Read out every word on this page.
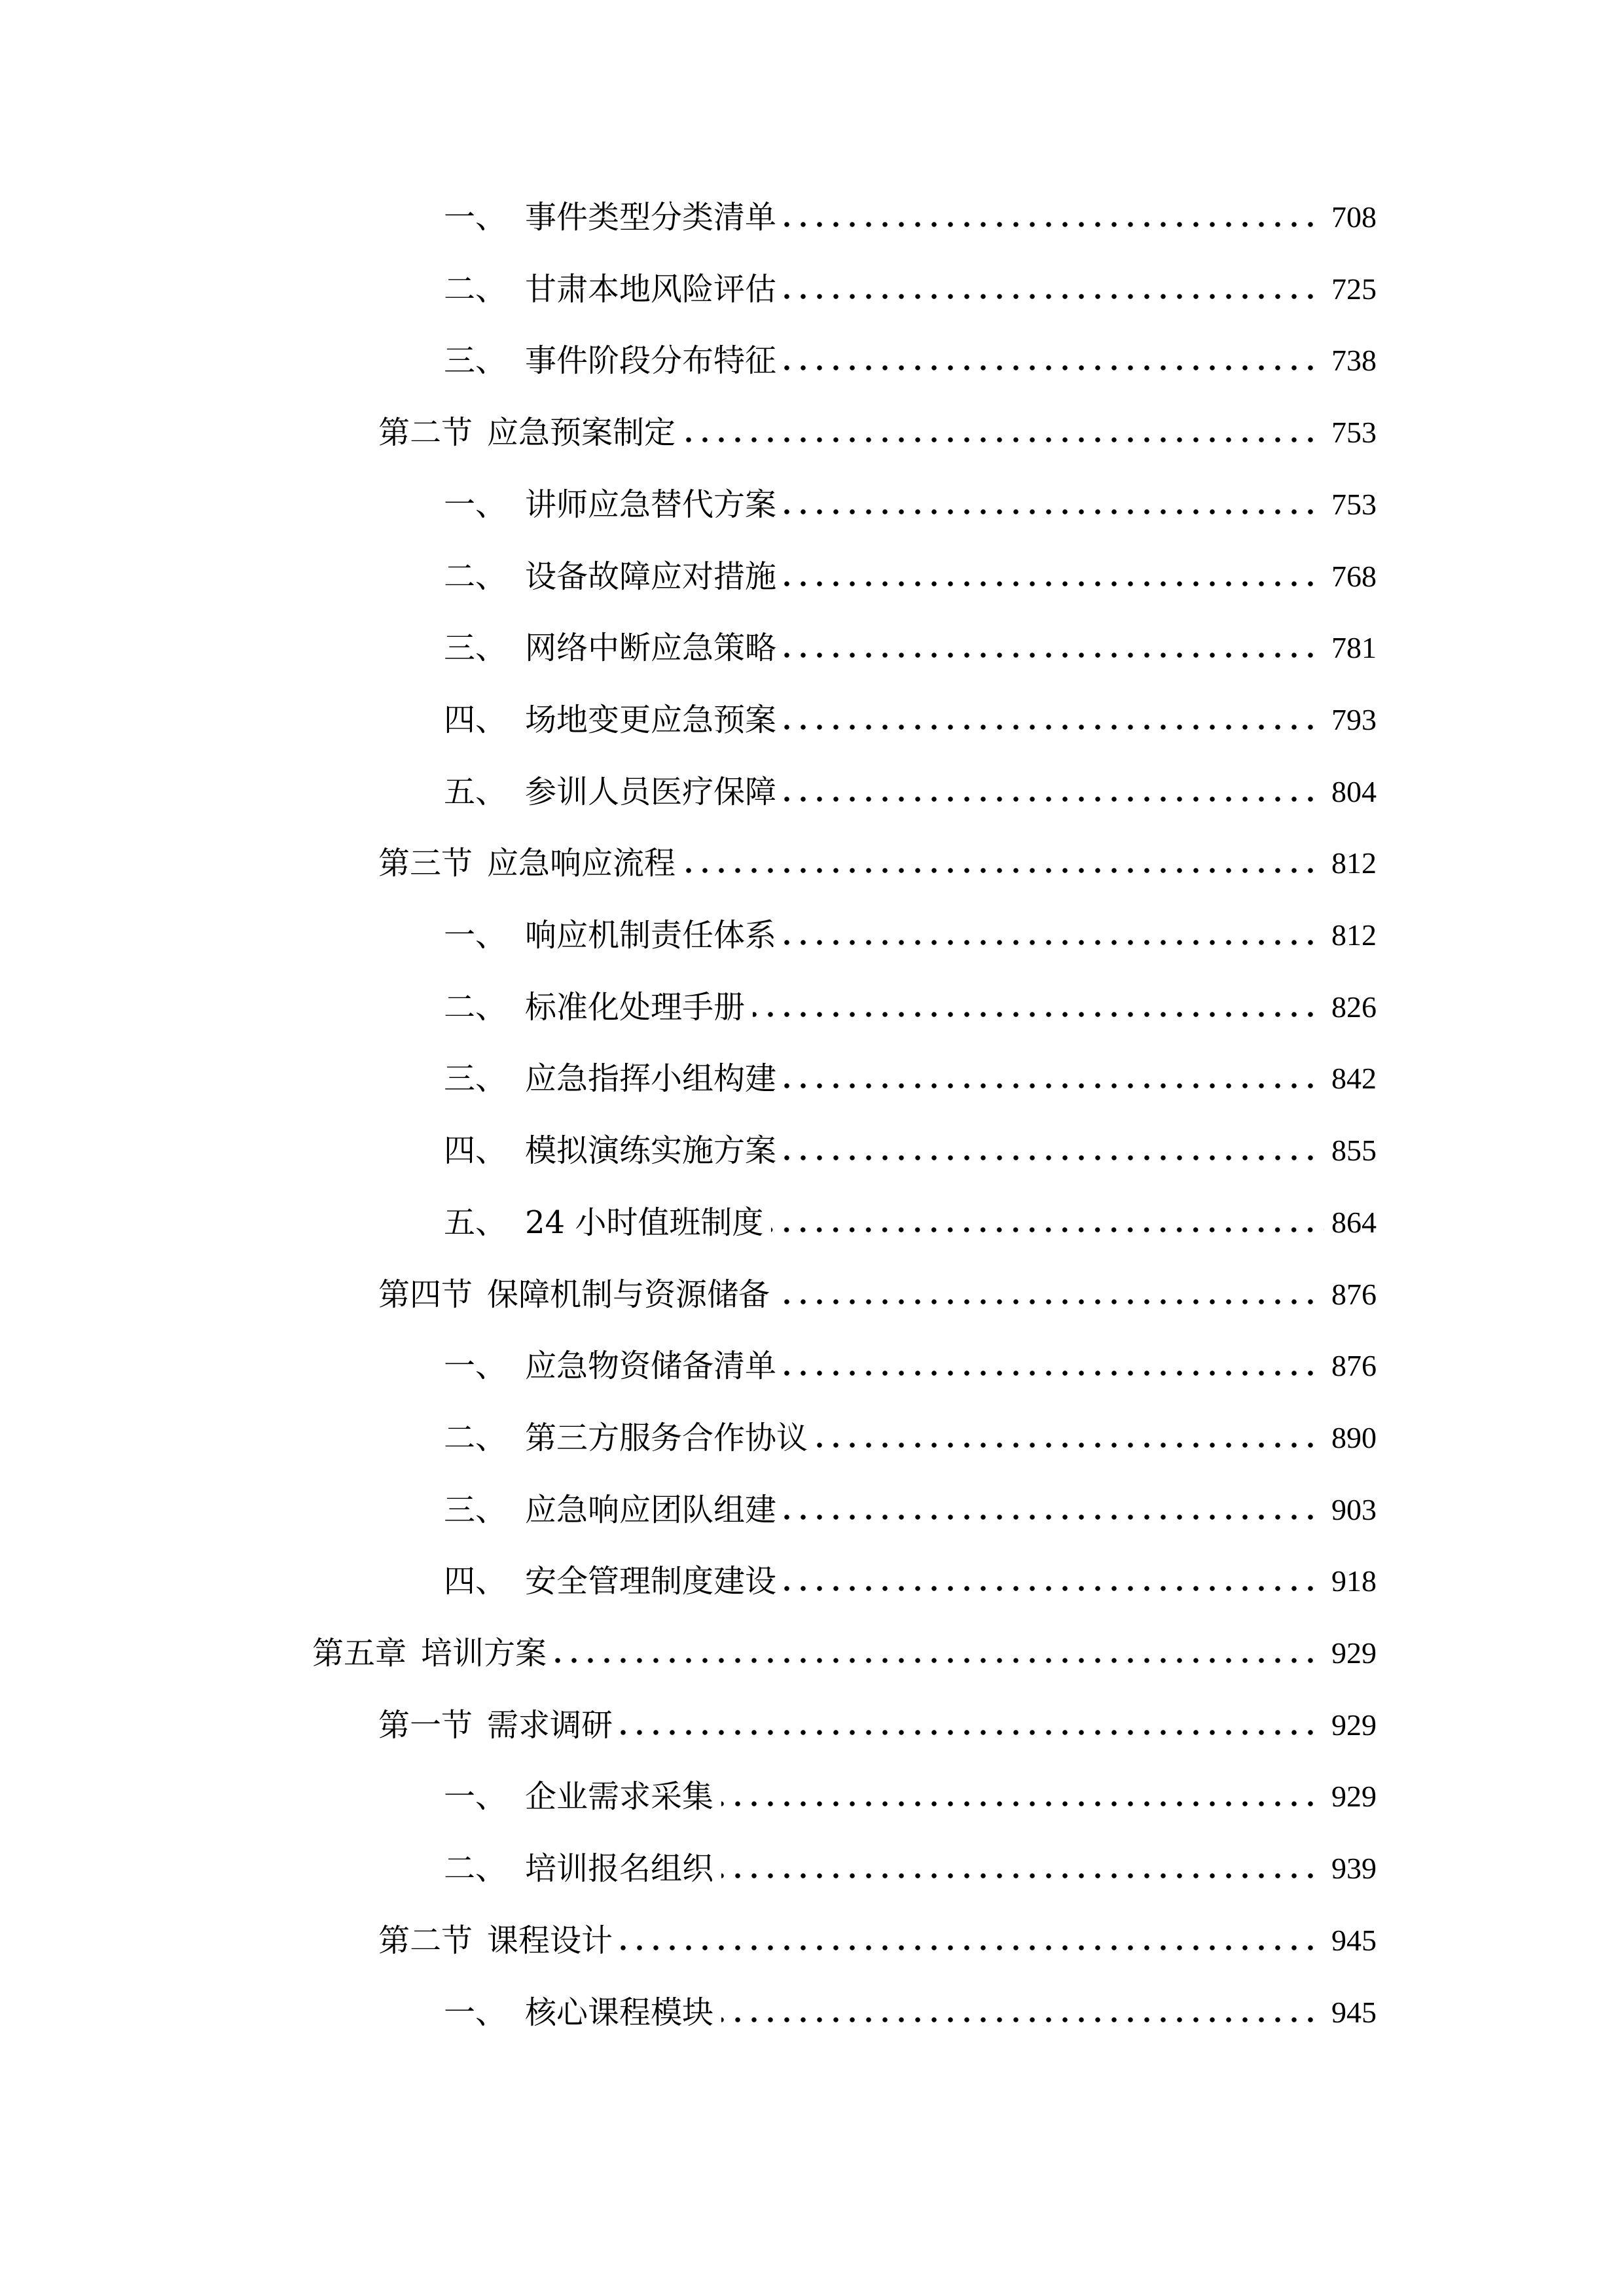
一、 事件类型分类清单	708
二、 甘肃本地风险评估	725
三、 事件阶段分布特征	738
第二节 应急预案制定	753
一、 讲师应急替代方案	753
二、 设备故障应对措施	768
三、 网络中断应急策略	781
四、 场地变更应急预案	793
五、 参训人员医疗保障	804
第三节 应急响应流程	812
一、 响应机制责任体系	812
二、 标准化处理手册	826
三、 应急指挥小组构建	842
四、 模拟演练实施方案	855
五、 24 小时值班制度	864
第四节 保障机制与资源储备	876
一、 应急物资储备清单	876
二、 第三方服务合作协议	890
三、 应急响应团队组建	903
四、 安全管理制度建设	918
第五章 培训方案	929
第一节 需求调研	929
一、 企业需求采集	929
二、 培训报名组织	939
第二节 课程设计	945
一、 核心课程模块	945
